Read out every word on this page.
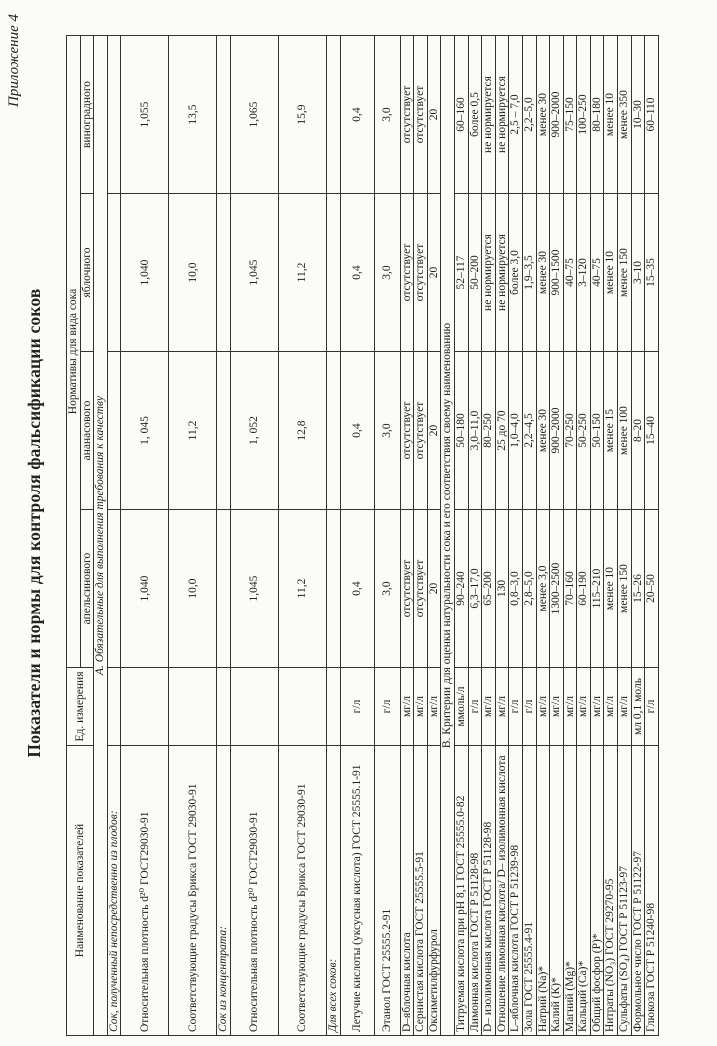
Приложение 4
Показатели и нормы для контроля фальсификации соков
Наименование показателей	Ед. измерения	Нормативы для вида сока			
		апельсинового	ананасового	яблочного	виноградного
А. Обязательные для выполнения требования к качеству					
Сок, полученный непосредственно из плодов:					
Относительная плотность d²⁰ ГОСТ29030-91		1,040	1, 045	1,040	1,055
Соответствующие градусы Брикса ГОСТ 29030-91		10,0	11,2	10,0	13,5
Сок из концентрата:					
Относительная плотность d²⁰ ГОСТ29030-91		1,045	1, 052	1,045	1,065
Соответствующие градусы Брикса ГОСТ 29030-91		11,2	12,8	11,2	15,9
Для всех соков:					
Летучие кислоты (уксусная кислота) ГОСТ 25555.1-91	г/л	0,4	0,4	0,4	0,4
Этанол ГОСТ 25555.2-91	г/л	3,0	3,0	3,0	3,0
D–яблочная кислота	мг/л	отсутствует	отсутствует	отсутствует	отсутствует
Сернистая кислота ГОСТ 25555.5-91	мг/л	отсутствует	отсутствует	отсутствует	отсутствует
Оксиметилфурфурол	мг/л	20	20	20	20
В. Критерии для оценки натуральности сока и его соответствия своему наименованию					
Титруемая кислота при рН 8,1 ГОСТ 25555.0-82	ммоль/л	90–240	50–180	52–117	60–160
Лимонная кислота ГОСТ Р 51128-98	г/л	6,3–17,0	3,0–11,0	50–200	более 0,5
D– изолимонная кислота ГОСТ Р 51128-98	мг/л	65–200	80–250	не нормируется	не нормируется
Отношение лимонная кислота/ D– изолимонная кислота	мг/л	130	25 до 70	не нормируется	не нормируется
L–яблочная кислота ГОСТ Р 51239-98	г/л	0,8–3,0	1,0–4,0	более 3,0	2,5 – 7,0
Зола ГОСТ 25555.4-91	г/л	2,8–5,0	2,2–4,5	1,9–3,5	2,2–5,0
Натрий (Na)*	мг/л	менее 3,0	менее 30	менее 30	менее 30
Калий (К)*	мг/л	1300–2500	900–2000	900–1500	900–2000
Магний (Mg)*	мг/л	70–160	70–250	40–75	75–150
Кальций (Са)*	мг/л	60–190	50–250	3–120	100–250
Общий фосфор (Р)*	мг/л	115–210	50–150	40–75	80–180
Нитраты (NO₃) ГОСТ 29270-95	мг/л	менее 10	менее 15	менее 10	менее 10
Сульфаты (SO₄) ГОСТ Р 51123-97	мг/л	менее 150	менее 100	менее 150	менее 350
Формольное число ГОСТ Р 51122-97	мл 0,1 моль	15–26	8–20	3–10	10–30
Глюкоза ГОСТ Р 51240-98	г/л	20–50	15–40	15–35	60–110
